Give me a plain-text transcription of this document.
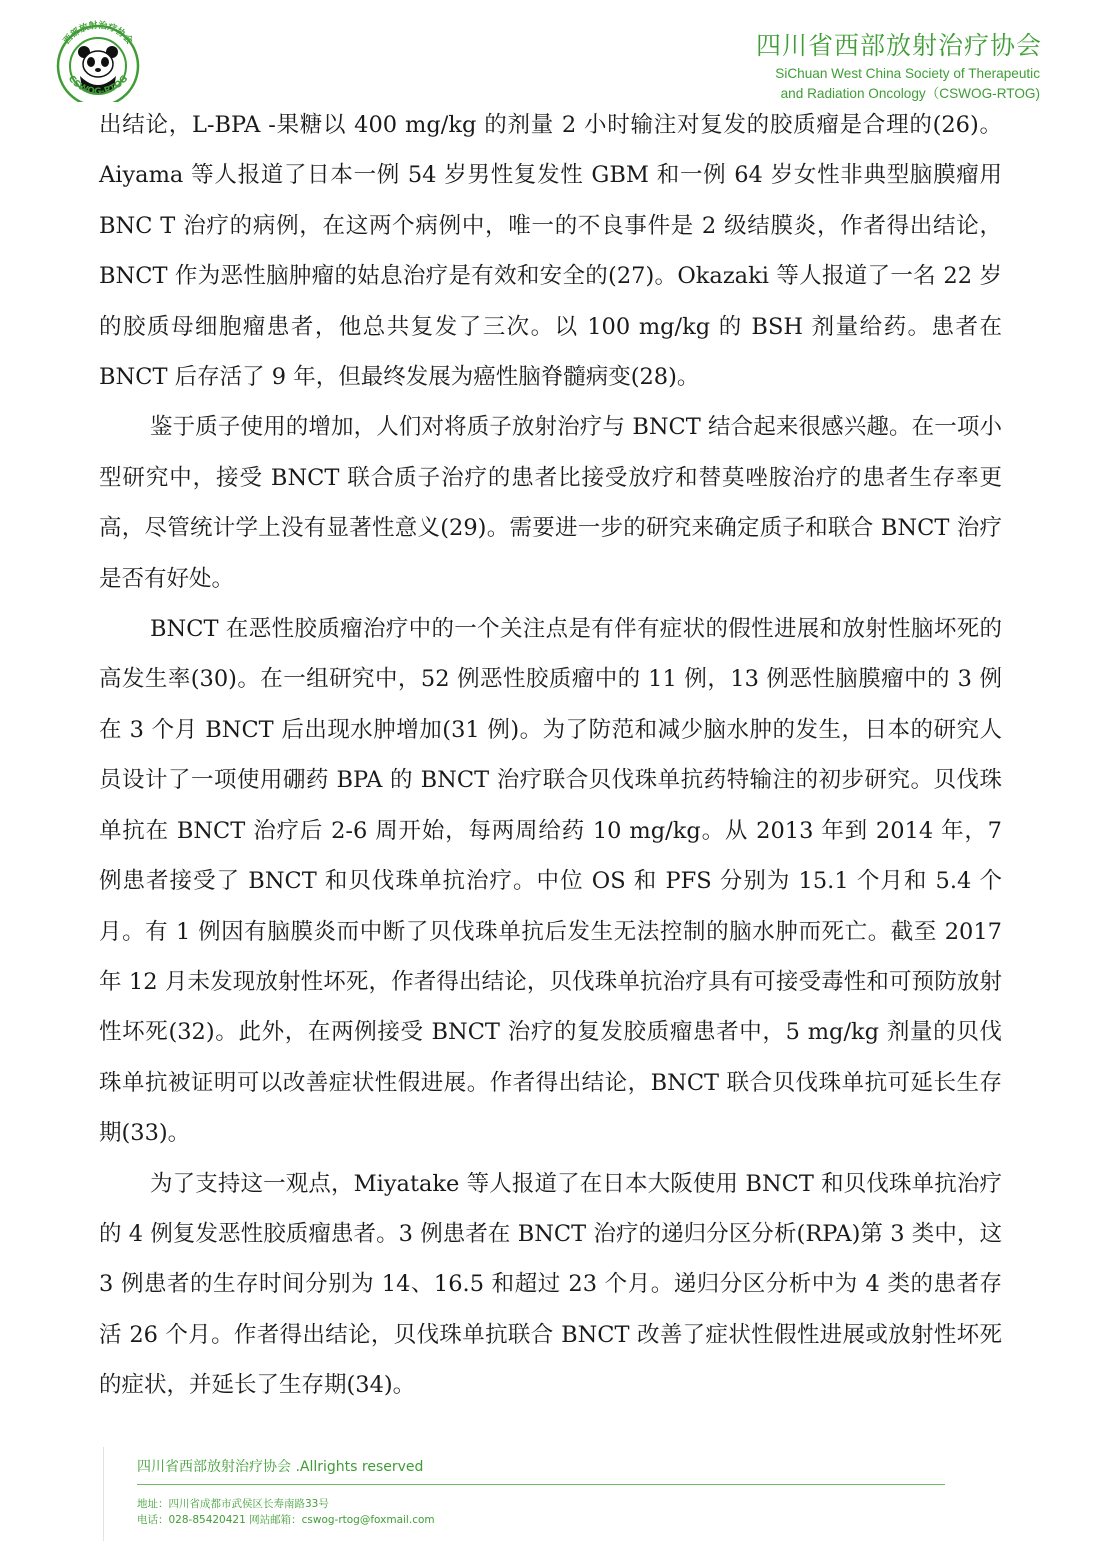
西部放射治疗协会
CSWOG-RTOG
四川省西部放射治疗协会
SiChuan West China Society of Therapeutic
and Radiation Oncology（CSWOG-RTOG)

出结论，L-BPA -果糖以 400 mg/kg 的剂量 2 小时输注对复发的胶质瘤是合理的(26)。Aiyama 等人报道了日本一例 54 岁男性复发性 GBM 和一例 64 岁女性非典型脑膜瘤用 BNC T 治疗的病例，在这两个病例中，唯一的不良事件是 2 级结膜炎，作者得出结论，BNCT 作为恶性脑肿瘤的姑息治疗是有效和安全的(27)。Okazaki 等人报道了一名 22 岁的胶质母细胞瘤患者，他总共复发了三次。以 100 mg/kg 的 BSH 剂量给药。患者在 BNCT 后存活了 9 年，但最终发展为癌性脑脊髓病变(28)。

鉴于质子使用的增加，人们对将质子放射治疗与 BNCT 结合起来很感兴趣。在一项小型研究中，接受 BNCT 联合质子治疗的患者比接受放疗和替莫唑胺治疗的患者生存率更高，尽管统计学上没有显著性意义(29)。需要进一步的研究来确定质子和联合 BNCT 治疗是否有好处。

BNCT 在恶性胶质瘤治疗中的一个关注点是有伴有症状的假性进展和放射性脑坏死的高发生率(30)。在一组研究中，52 例恶性胶质瘤中的 11 例，13 例恶性脑膜瘤中的 3 例在 3 个月 BNCT 后出现水肿增加(31 例)。为了防范和减少脑水肿的发生，日本的研究人员设计了一项使用硼药 BPA 的 BNCT 治疗联合贝伐珠单抗药特输注的初步研究。贝伐珠单抗在 BNCT 治疗后 2-6 周开始，每两周给药 10 mg/kg。从 2013 年到 2014 年，7 例患者接受了 BNCT 和贝伐珠单抗治疗。中位 OS 和 PFS 分别为 15.1 个月和 5.4 个月。有 1 例因有脑膜炎而中断了贝伐珠单抗后发生无法控制的脑水肿而死亡。截至 2017 年 12 月未发现放射性坏死，作者得出结论，贝伐珠单抗治疗具有可接受毒性和可预防放射性坏死(32)。此外，在两例接受 BNCT 治疗的复发胶质瘤患者中，5 mg/kg 剂量的贝伐珠单抗被证明可以改善症状性假进展。作者得出结论，BNCT 联合贝伐珠单抗可延长生存期(33)。

为了支持这一观点，Miyatake 等人报道了在日本大阪使用 BNCT 和贝伐珠单抗治疗的 4 例复发恶性胶质瘤患者。3 例患者在 BNCT 治疗的递归分区分析(RPA)第 3 类中，这 3 例患者的生存时间分别为 14、16.5 和超过 23 个月。递归分区分析中为 4 类的患者存活 26 个月。作者得出结论，贝伐珠单抗联合 BNCT 改善了症状性假性进展或放射性坏死的症状，并延长了生存期(34)。

四川省西部放射治疗协会 .Allrights reserved
地址：四川省成都市武侯区长寿南路33号
电话：028-85420421 网站邮箱：cswog-rtog@foxmail.com
